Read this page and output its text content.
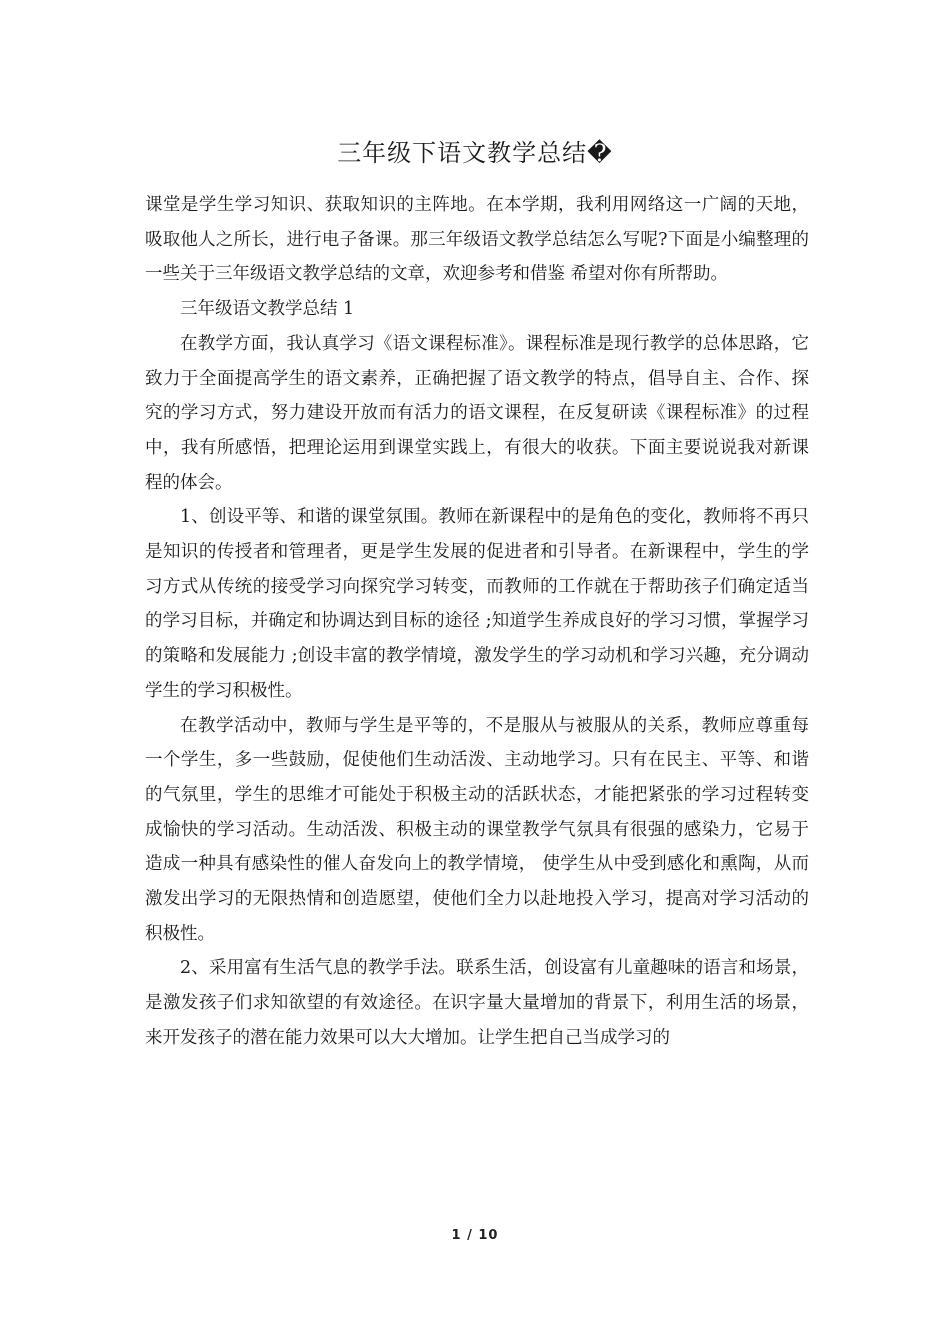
三年级下语文教学总结�

课堂是学生学习知识、获取知识的主阵地。在本学期，我利用网络这一广阔的天地，吸取他人之所长，进行电子备课。那三年级语文教学总结怎么写呢?下面是小编整理的一些关于三年级语文教学总结的文章，欢迎参考和借鉴 希望对你有所帮助。

三年级语文教学总结 1

在教学方面，我认真学习《语文课程标准》。课程标准是现行教学的总体思路，它致力于全面提高学生的语文素养，正确把握了语文教学的特点，倡导自主、合作、探究的学习方式，努力建设开放而有活力的语文课程，在反复研读《课程标准》的过程中，我有所感悟，把理论运用到课堂实践上，有很大的收获。下面主要说说我对新课程的体会。

1、创设平等、和谐的课堂氛围。教师在新课程中的是角色的变化，教师将不再只是知识的传授者和管理者，更是学生发展的促进者和引导者。在新课程中，学生的学习方式从传统的接受学习向探究学习转变，而教师的工作就在于帮助孩子们确定适当的学习目标，并确定和协调达到目标的途径 ;知道学生养成良好的学习习惯，掌握学习的策略和发展能力 ;创设丰富的教学情境，激发学生的学习动机和学习兴趣，充分调动学生的学习积极性。

在教学活动中，教师与学生是平等的，不是服从与被服从的关系，教师应尊重每一个学生，多一些鼓励，促使他们生动活泼、主动地学习。只有在民主、平等、和谐的气氛里，学生的思维才可能处于积极主动的活跃状态，才能把紧张的学习过程转变成愉快的学习活动。生动活泼、积极主动的课堂教学气氛具有很强的感染力，它易于造成一种具有感染性的催人奋发向上的教学情境， 使学生从中受到感化和熏陶，从而激发出学习的无限热情和创造愿望，使他们全力以赴地投入学习，提高对学习活动的积极性。

2、采用富有生活气息的教学手法。联系生活，创设富有儿童趣味的语言和场景，是激发孩子们求知欲望的有效途径。在识字量大量增加的背景下，利用生活的场景，来开发孩子的潜在能力效果可以大大增加。让学生把自己当成学习的

1 / 10
